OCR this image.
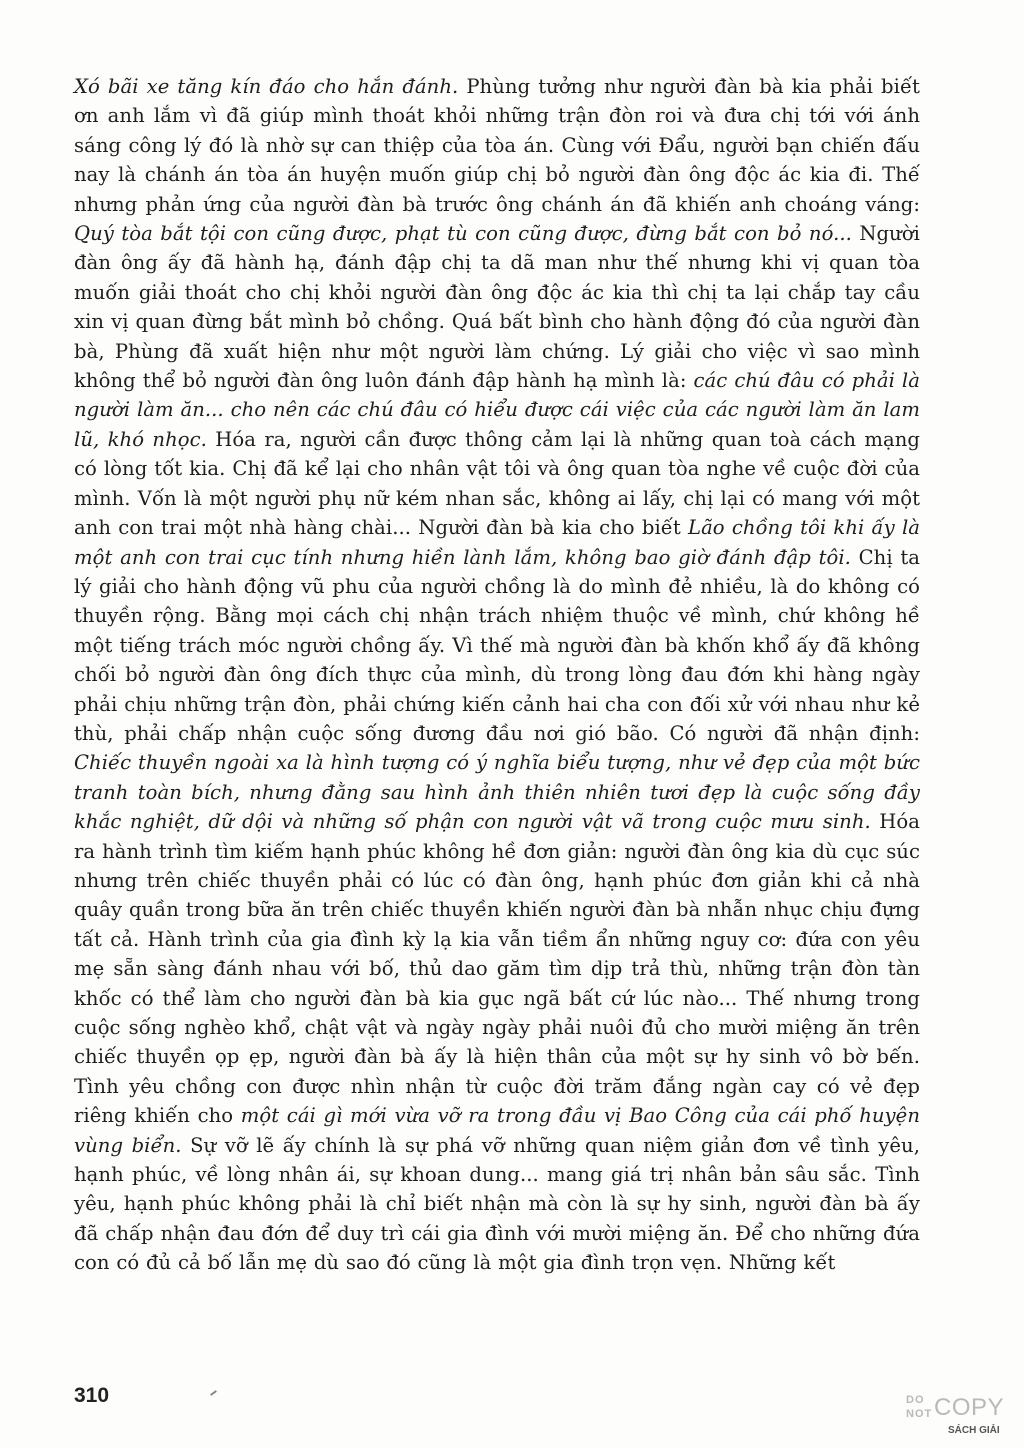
Xó bãi xe tăng kín đáo cho hắn đánh. Phùng tưởng như người đàn bà kia phải biết ơn anh lắm vì đã giúp mình thoát khỏi những trận đòn roi và đưa chị tới với ánh sáng công lý đó là nhờ sự can thiệp của tòa án. Cùng với Đẩu, người bạn chiến đấu nay là chánh án tòa án huyện muốn giúp chị bỏ người đàn ông độc ác kia đi. Thế nhưng phản ứng của người đàn bà trước ông chánh án đã khiến anh choáng váng: Quý tòa bắt tội con cũng được, phạt tù con cũng được, đừng bắt con bỏ nó... Người đàn ông ấy đã hành hạ, đánh đập chị ta dã man như thế nhưng khi vị quan tòa muốn giải thoát cho chị khỏi người đàn ông độc ác kia thì chị ta lại chắp tay cầu xin vị quan đừng bắt mình bỏ chồng. Quá bất bình cho hành động đó của người đàn bà, Phùng đã xuất hiện như một người làm chứng. Lý giải cho việc vì sao mình không thể bỏ người đàn ông luôn đánh đập hành hạ mình là: các chú đâu có phải là người làm ăn... cho nên các chú đâu có hiểu được cái việc của các người làm ăn lam lũ, khó nhọc. Hóa ra, người cần được thông cảm lại là những quan toà cách mạng có lòng tốt kia. Chị đã kể lại cho nhân vật tôi và ông quan tòa nghe về cuộc đời của mình. Vốn là một người phụ nữ kém nhan sắc, không ai lấy, chị lại có mang với một anh con trai một nhà hàng chài... Người đàn bà kia cho biết Lão chồng tôi khi ấy là một anh con trai cục tính nhưng hiền lành lắm, không bao giờ đánh đập tôi. Chị ta lý giải cho hành động vũ phu của người chồng là do mình đẻ nhiều, là do không có thuyền rộng. Bằng mọi cách chị nhận trách nhiệm thuộc về mình, chứ không hề một tiếng trách móc người chồng ấy. Vì thế mà người đàn bà khốn khổ ấy đã không chối bỏ người đàn ông đích thực của mình, dù trong lòng đau đớn khi hàng ngày phải chịu những trận đòn, phải chứng kiến cảnh hai cha con đối xử với nhau như kẻ thù, phải chấp nhận cuộc sống đương đầu nơi gió bão. Có người đã nhận định: Chiếc thuyền ngoài xa là hình tượng có ý nghĩa biểu tượng, như vẻ đẹp của một bức tranh toàn bích, nhưng đằng sau hình ảnh thiên nhiên tươi đẹp là cuộc sống đầy khắc nghiệt, dữ dội và những số phận con người vật vã trong cuộc mưu sinh. Hóa ra hành trình tìm kiếm hạnh phúc không hề đơn giản: người đàn ông kia dù cục súc nhưng trên chiếc thuyền phải có lúc có đàn ông, hạnh phúc đơn giản khi cả nhà quây quần trong bữa ăn trên chiếc thuyền khiến người đàn bà nhẫn nhục chịu đựng tất cả. Hành trình của gia đình kỳ lạ kia vẫn tiềm ẩn những nguy cơ: đứa con yêu mẹ sẵn sàng đánh nhau với bố, thủ dao găm tìm dịp trả thù, những trận đòn tàn khốc có thể làm cho người đàn bà kia gục ngã bất cứ lúc nào... Thế nhưng trong cuộc sống nghèo khổ, chật vật và ngày ngày phải nuôi đủ cho mười miệng ăn trên chiếc thuyền ọp ẹp, người đàn bà ấy là hiện thân của một sự hy sinh vô bờ bến. Tình yêu chồng con được nhìn nhận từ cuộc đời trăm đắng ngàn cay có vẻ đẹp riêng khiến cho một cái gì mới vừa vỡ ra trong đầu vị Bao Công của cái phố huyện vùng biển. Sự vỡ lẽ ấy chính là sự phá vỡ những quan niệm giản đơn về tình yêu, hạnh phúc, về lòng nhân ái, sự khoan dung... mang giá trị nhân bản sâu sắc. Tình yêu, hạnh phúc không phải là chỉ biết nhận mà còn là sự hy sinh, người đàn bà ấy đã chấp nhận đau đớn để duy trì cái gia đình với mười miệng ăn. Để cho những đứa con có đủ cả bố lẫn mẹ dù sao đó cũng là một gia đình trọn vẹn. Những kết

310	DO
NOT COPY
SÁCH GIẢI
